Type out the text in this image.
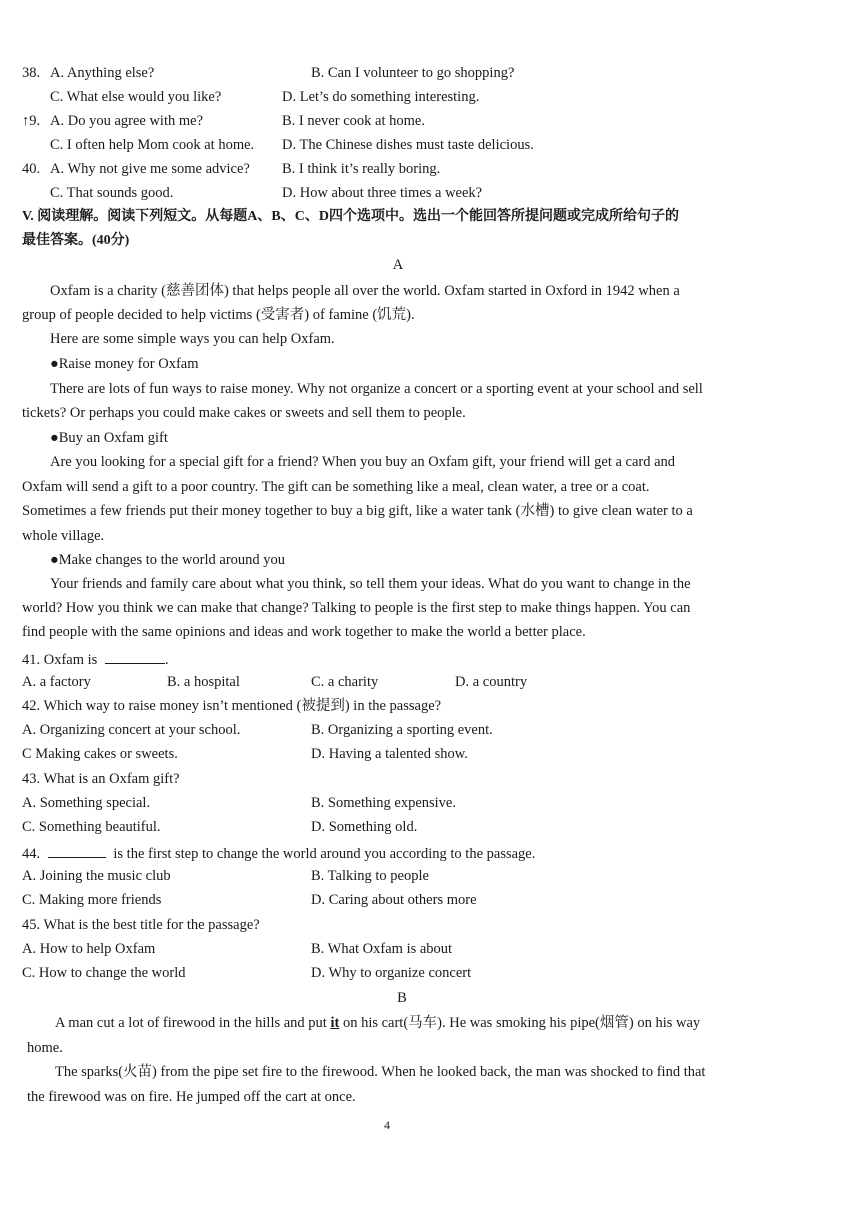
38. A. Anything else?	B. Can I volunteer to go shopping?
C. What else would you like?	D. Let’s do something interesting.
↑9. A. Do you agree with me?	B. I never cook at home.
C. I often help Mom cook at home. D. The Chinese dishes must taste delicious.
40. A. Why not give me some advice? B. I think it’s really boring.
C. That sounds good.	D. How about three times a week?
V. 阅读理解。阅读下列短文。从每题A、B、C、D四个选项中。选出一个能回答所提问题或完成所给句子的
最佳答案。(40分)
A
Oxfam is a charity (慈善团体) that helps people all over the world. Oxfam started in Oxford in 1942 when a
group of people decided to help victims (受害者) of famine (饥荒).
Here are some simple ways you can help Oxfam.
●Raise money for Oxfam
There are lots of fun ways to raise money. Why not organize a concert or a sporting event at your school and sell
tickets? Or perhaps you could make cakes or sweets and sell them to people.
●Buy an Oxfam gift
Are you looking for a special gift for a friend? When you buy an Oxfam gift, your friend will get a card and
Oxfam will send a gift to a poor country. The gift can be something like a meal, clean water, a tree or a coat.
Sometimes a few friends put their money together to buy a big gift, like a water tank (水槽) to give clean water to a
whole village.
●Make changes to the world around you
Your friends and family care about what you think, so tell them your ideas. What do you want to change in the
world? How you think we can make that change? Talking to people is the first step to make things happen. You can
find people with the same opinions and ideas and work together to make the world a better place.
41. Oxfam is	.
A. a factory	B. a hospital	C. a charity	D. a country
42. Which way to raise money isn’t mentioned (被提到) in the passage?
A. Organizing concert at your school.	B. Organizing a sporting event.
C Making cakes or sweets.	D. Having a talented show.
43. What is an Oxfam gift?
A. Something special.	B. Something expensive.
C. Something beautiful.	D. Something old.
44.	is the first step to change the world around you according to the passage.
A. Joining the music club	B. Talking to people
C. Making more friends	D. Caring about others more
45. What is the best title for the passage?
A. How to help Oxfam	B. What Oxfam is about
C. How to change the world	D. Why to organize concert
B
A man cut a lot of firewood in the hills and put it on his cart(马车). He was smoking his pipe(烟管) on his way
home.
The sparks(火苗) from the pipe set fire to the firewood. When he looked back, the man was shocked to find that
the firewood was on fire. He jumped off the cart at once.
4
